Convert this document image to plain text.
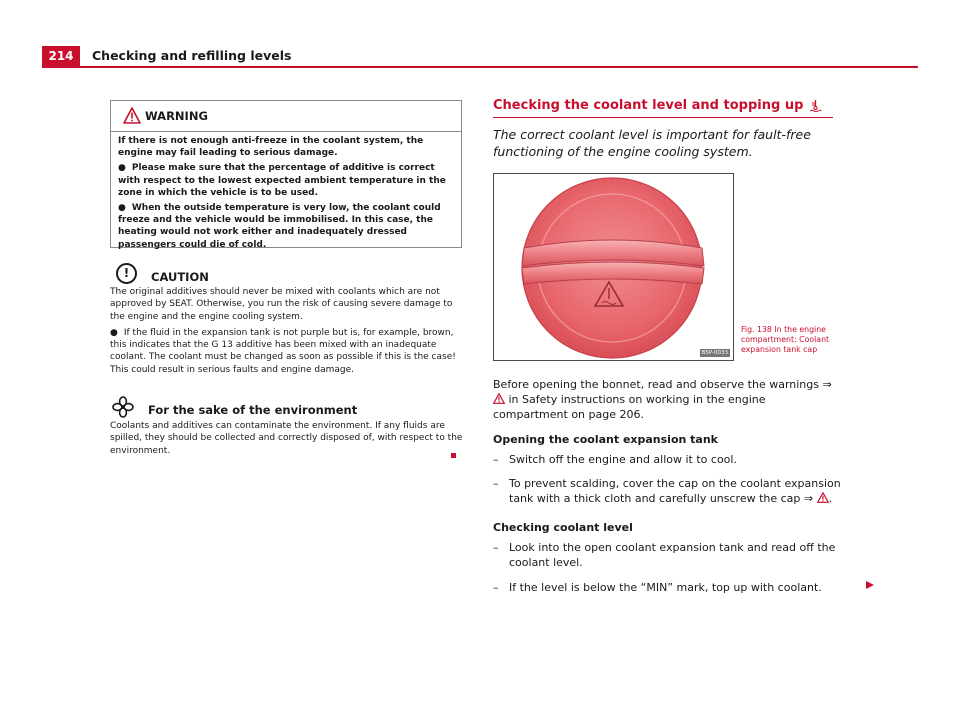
214	Checking and refilling levels
WARNING

If there is not enough anti-freeze in the coolant system, the engine may fail leading to serious damage.

● Please make sure that the percentage of additive is correct with respect to the lowest expected ambient temperature in the zone in which the vehicle is to be used.

● When the outside temperature is very low, the coolant could freeze and the vehicle would be immobilised. In this case, the heating would not work either and inadequately dressed passengers could die of cold.

!	CAUTION

The original additives should never be mixed with coolants which are not approved by SEAT. Otherwise, you run the risk of causing severe damage to the engine and the engine cooling system.

● If the fluid in the expansion tank is not purple but is, for example, brown, this indicates that the G 13 additive has been mixed with an inadequate coolant. The coolant must be changed as soon as possible if this is the case! This could result in serious faults and engine damage.

For the sake of the environment
Coolants and additives can contaminate the environment. If any fluids are spilled, they should be collected and correctly disposed of, with respect to the environment.
Checking the coolant level and topping up
The correct coolant level is important for fault-free functioning of the engine cooling system.
B5P-0033
Fig. 138 In the engine compartment: Coolant expansion tank cap
Before opening the bonnet, read and observe the warnings ⇒  in Safety instructions on working in the engine compartment on page 206.
Opening the coolant expansion tank
– Switch off the engine and allow it to cool.
– To prevent scalding, cover the cap on the coolant expansion tank with a thick cloth and carefully unscrew the cap ⇒ .
Checking coolant level
– Look into the open coolant expansion tank and read off the coolant level.
– If the level is below the “MIN” mark, top up with coolant.
